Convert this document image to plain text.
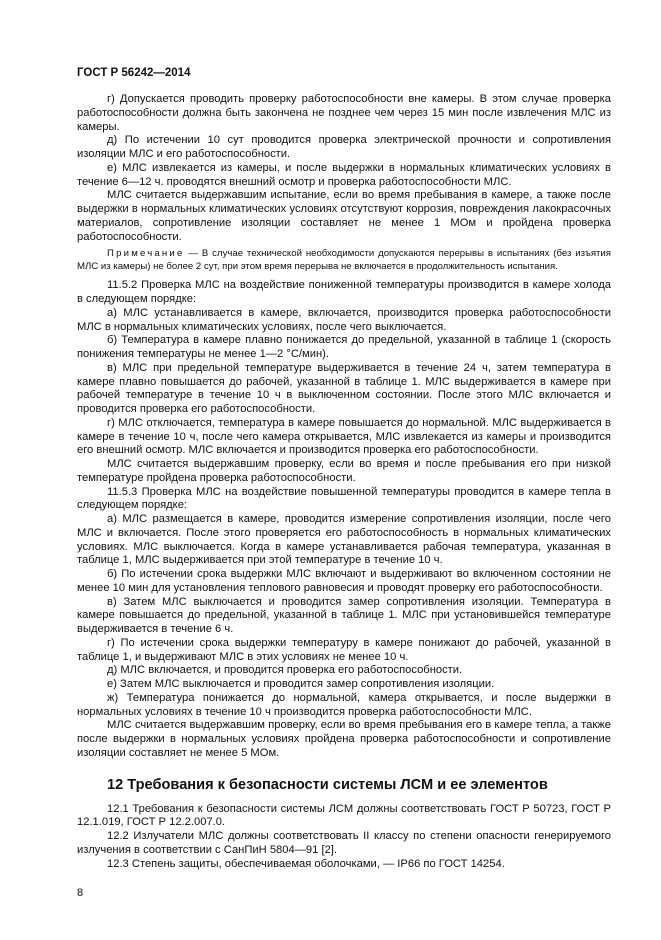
ГОСТ Р 56242—2014

г) Допускается проводить проверку работоспособности вне камеры. В этом случае проверка работоспособности должна быть закончена не позднее чем через 15 мин после извлечения МЛС из камеры.

д) По истечении 10 сут проводится проверка электрической прочности и сопротивления изоляции МЛС и его работоспособности.

е) МЛС извлекается из камеры, и после выдержки в нормальных климатических условиях в течение 6—12 ч. проводятся внешний осмотр и проверка работоспособности МЛС.

МЛС считается выдержавшим испытание, если во время пребывания в камере, а также после выдержки в нормальных климатических условиях отсутствуют коррозия, повреждения лакокрасочных материалов, сопротивление изоляции составляет не менее 1 МОм и пройдена проверка работоспособности.

Примечание — В случае технической необходимости допускаются перерывы в испытаниях (без изъятия МЛС из камеры) не более 2 сут, при этом время перерыва не включается в продолжительность испытания.

11.5.2 Проверка МЛС на воздействие пониженной температуры производится в камере холода в следующем порядке:

а) МЛС устанавливается в камере, включается, производится проверка работоспособности МЛС в нормальных климатических условиях, после чего выключается.

б) Температура в камере плавно понижается до предельной, указанной в таблице 1 (скорость понижения температуры не менее 1—2 °С/мин).

в) МЛС при предельной температуре выдерживается в течение 24 ч, затем температура в камере плавно повышается до рабочей, указанной в таблице 1. МЛС выдерживается в камере при рабочей температуре в течение 10 ч в выключенном состоянии. После этого МЛС включается и проводится проверка его работоспособности.

г) МЛС отключается, температура в камере повышается до нормальной. МЛС выдерживается в камере в течение 10 ч, после чего камера открывается, МЛС извлекается из камеры и производится его внешний осмотр. МЛС включается и производится проверка его работоспособности.

МЛС считается выдержавшим проверку, если во время и после пребывания его при низкой температуре пройдена проверка работоспособности.

11.5.3 Проверка МЛС на воздействие повышенной температуры проводится в камере тепла в следующем порядке:

а) МЛС размещается в камере, проводится измерение сопротивления изоляции, после чего МЛС и включается. После этого проверяется его работоспособность в нормальных климатических условиях. МЛС выключается. Когда в камере устанавливается рабочая температура, указанная в таблице 1, МЛС выдерживается при этой температуре в течение 10 ч.

б) По истечении срока выдержки МЛС включают и выдерживают во включенном состоянии не менее 10 мин для установления теплового равновесия и проводят проверку его работоспособности.

в) Затем МЛС выключается и проводится замер сопротивления изоляции. Температура в камере повышается до предельной, указанной в таблице 1. МЛС при установившейся температуре выдерживается в течение 6 ч.

г) По истечении срока выдержки температуру в камере понижают до рабочей, указанной в таблице 1, и выдерживают МЛС в этих условиях не менее 10 ч.

д) МЛС включается, и проводится проверка его работоспособности.

е) Затем МЛС выключается и проводится замер сопротивления изоляции.

ж) Температура понижается до нормальной, камера открывается, и после выдержки в нормальных условиях в течение 10 ч производится проверка работоспособности МЛС.

МЛС считается выдержавшим проверку, если во время пребывания его в камере тепла, а также после выдержки в нормальных условиях пройдена проверка работоспособности и сопротивление изоляции составляет не менее 5 МОм.

12 Требования к безопасности системы ЛСМ и ее элементов

12.1 Требования к безопасности системы ЛСМ должны соответствовать ГОСТ Р 50723, ГОСТ Р 12.1.019, ГОСТ Р 12.2.007.0.

12.2 Излучатели МЛС должны соответствовать II классу по степени опасности генерируемого излучения в соответствии с СанПиН 5804—91 [2].

12.3 Степень защиты, обеспечиваемая оболочками, — IP66 по ГОСТ 14254.

8
